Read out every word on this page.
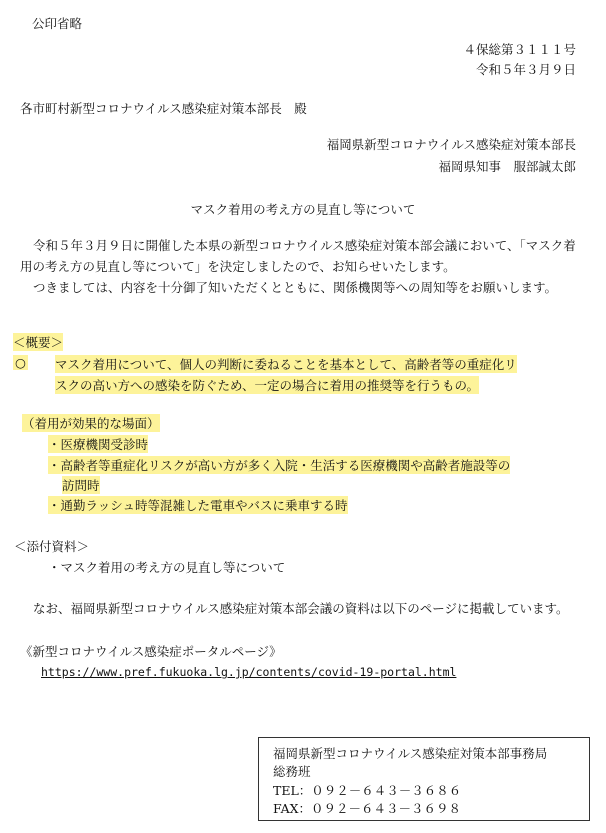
公印省略
４保総第３１１１号
令和５年３月９日
各市町村新型コロナウイルス感染症対策本部長　殿
福岡県新型コロナウイルス感染症対策本部長
福岡県知事　服部誠太郎
マスク着用の考え方の見直し等について
令和５年３月９日に開催した本県の新型コロナウイルス感染症対策本部会議において、「マスク着用の考え方の見直し等について」を決定しましたので、お知らせいたします。
つきましては、内容を十分御了知いただくとともに、関係機関等への周知等をお願いします。
＜概要＞
○ マスク着用について、個人の判断に委ねることを基本として、高齢者等の重症化リ
スクの高い方への感染を防ぐため、一定の場合に着用の推奨等を行うもの。
（着用が効果的な場面）
・医療機関受診時
・高齢者等重症化リスクが高い方が多く入院・生活する医療機関や高齢者施設等の
訪問時
・通勤ラッシュ時等混雑した電車やバスに乗車する時
＜添付資料＞
・マスク着用の考え方の見直し等について
なお、福岡県新型コロナウイルス感染症対策本部会議の資料は以下のページに掲載しています。
《新型コロナウイルス感染症ポータルページ》
https://www.pref.fukuoka.lg.jp/contents/covid-19-portal.html
福岡県新型コロナウイルス感染症対策本部事務局
総務班
TEL：０９２－６４３－３６８６
FAX：０９２－６４３－３６９８
